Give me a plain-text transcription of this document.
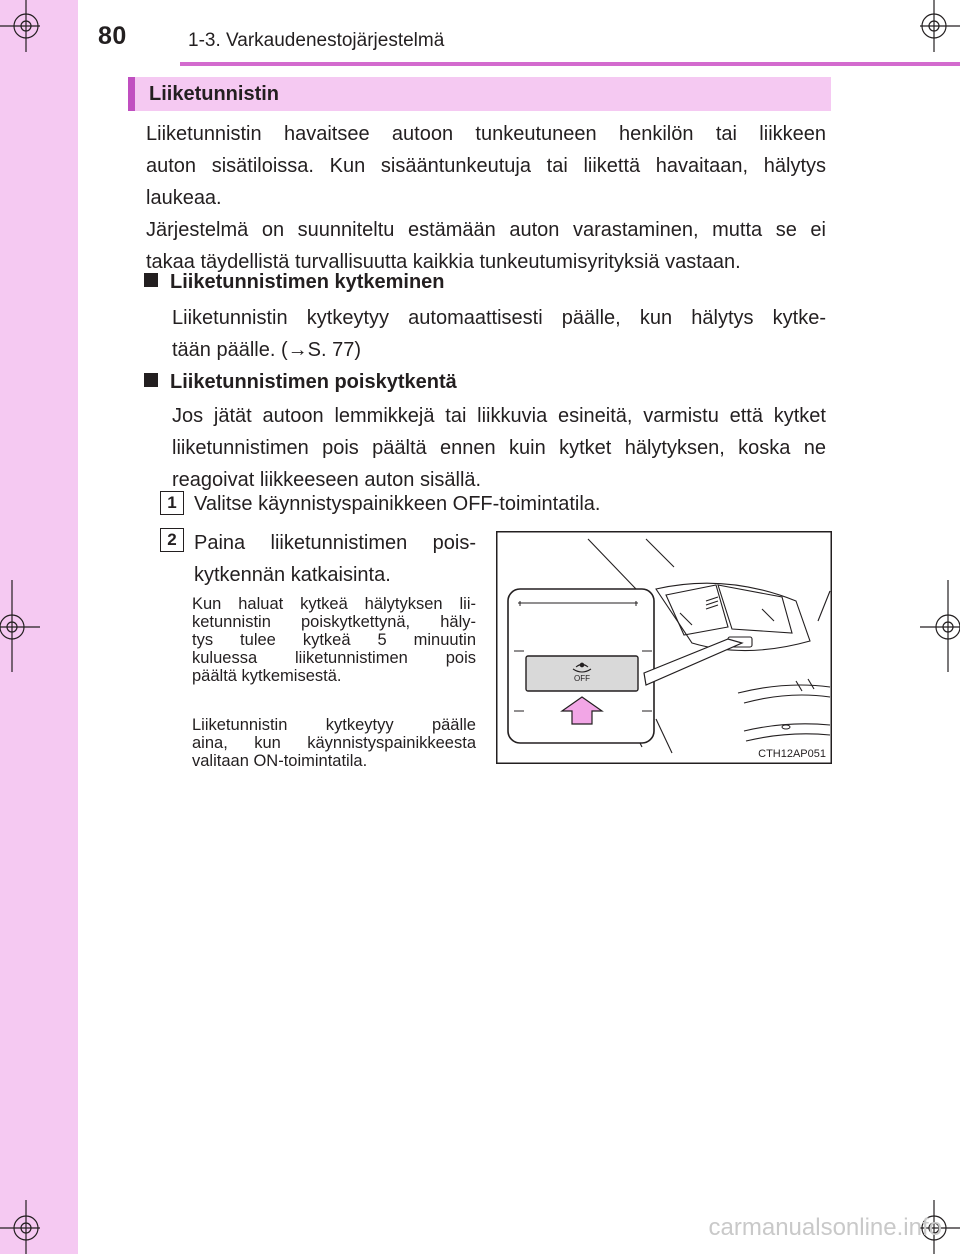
80	1-3. Varkaudenestojärjestelmä
Liiketunnistin
Liiketunnistin havaitsee autoon tunkeutuneen henkilön tai liikkeen
auton sisätiloissa. Kun sisääntunkeutuja tai liikettä havaitaan, hälytys
laukeaa.
Järjestelmä on suunniteltu estämään auton varastaminen, mutta se ei
takaa täydellistä turvallisuutta kaikkia tunkeutumisyrityksiä vastaan.
Liiketunnistimen kytkeminen
Liiketunnistin kytkeytyy automaattisesti päälle, kun hälytys kytke-
tään päälle. (→S. 77)
Liiketunnistimen poiskytkentä
Jos jätät autoon lemmikkejä tai liikkuvia esineitä, varmistu että kytket
liiketunnistimen pois päältä ennen kuin kytket hälytyksen, koska ne
reagoivat liikkeeseen auton sisällä.
1 Valitse käynnistyspainikkeen OFF-toimintatila.
2 Paina liiketunnistimen pois-
kytkennän katkaisinta.
Kun haluat kytkeä hälytyksen lii-
ketunnistin poiskytkettynä, häly-
tys tulee kytkeä 5 minuutin
kuluessa liiketunnistimen pois
päältä kytkemisestä.
Liiketunnistin kytkeytyy päälle
aina, kun käynnistyspainikkeesta
valitaan ON-toimintatila.
OFF
CTH12AP051
carmanualsonline.info
